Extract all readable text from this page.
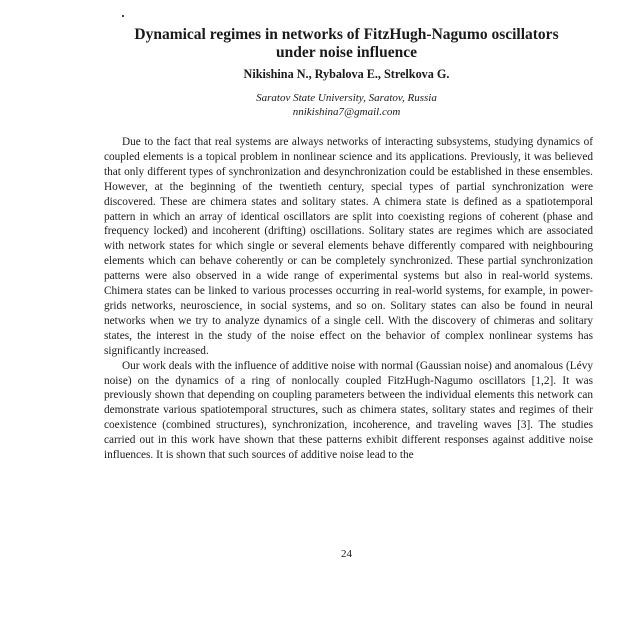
Dynamical regimes in networks of FitzHugh-Nagumo oscillators
under noise influence
Nikishina N., Rybalova E., Strelkova G.
Saratov State University, Saratov, Russia
nnikishina7@gmail.com

Due to the fact that real systems are always networks of interacting subsystems, studying dynamics of coupled elements is a topical problem in nonlinear science and its applications. Previously, it was believed that only different types of synchronization and desynchronization could be established in these ensembles. However, at the beginning of the twentieth century, special types of partial synchronization were discovered. These are chimera states and solitary states. A chimera state is defined as a spatiotemporal pattern in which an array of identical oscillators are split into coexisting regions of coherent (phase and frequency locked) and incoherent (drifting) oscillations. Solitary states are regimes which are associated with network states for which single or several elements behave differently compared with neighbouring elements which can behave coherently or can be completely synchronized. These partial synchronization patterns were also observed in a wide range of experimental systems but also in real-world systems. Chimera states can be linked to various processes occurring in real-world systems, for example, in power-grids networks, neuroscience, in social systems, and so on. Solitary states can also be found in neural networks when we try to analyze dynamics of a single cell. With the discovery of chimeras and solitary states, the interest in the study of the noise effect on the behavior of complex nonlinear systems has significantly increased.

Our work deals with the influence of additive noise with normal (Gaussian noise) and anomalous (Lévy noise) on the dynamics of a ring of nonlocally coupled FitzHugh-Nagumo oscillators [1,2]. It was previously shown that depending on coupling parameters between the individual elements this network can demonstrate various spatiotemporal structures, such as chimera states, solitary states and regimes of their coexistence (combined structures), synchronization, incoherence, and traveling waves [3]. The studies carried out in this work have shown that these patterns exhibit different responses against additive noise influences. It is shown that such sources of additive noise lead to the

24
